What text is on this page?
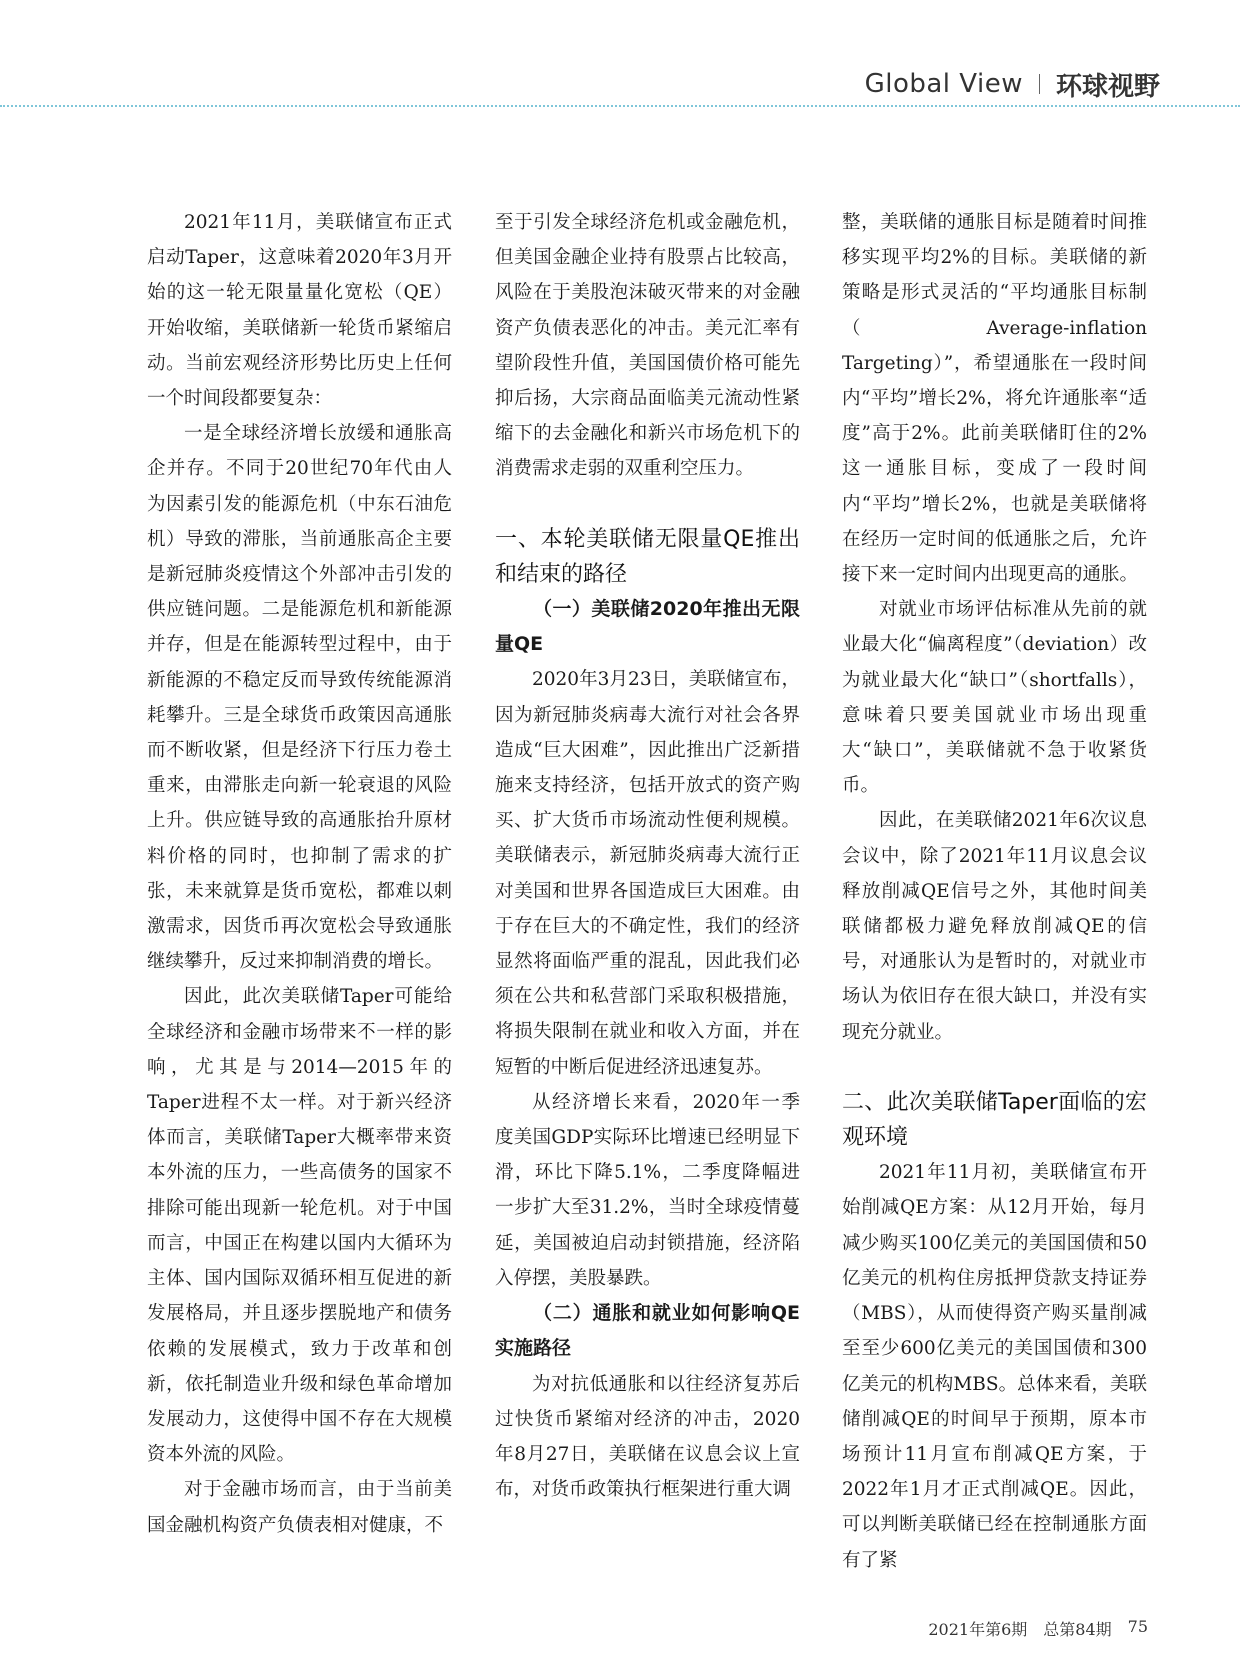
Global View 环球视野

2021年11月，美联储宣布正式启动Taper，这意味着2020年3月开始的这一轮无限量量化宽松（QE）开始收缩，美联储新一轮货币紧缩启动。当前宏观经济形势比历史上任何一个时间段都要复杂：

一是全球经济增长放缓和通胀高企并存。不同于20世纪70年代由人为因素引发的能源危机（中东石油危机）导致的滞胀，当前通胀高企主要是新冠肺炎疫情这个外部冲击引发的供应链问题。二是能源危机和新能源并存，但是在能源转型过程中，由于新能源的不稳定反而导致传统能源消耗攀升。三是全球货币政策因高通胀而不断收紧，但是经济下行压力卷土重来，由滞胀走向新一轮衰退的风险上升。供应链导致的高通胀抬升原材料价格的同时，也抑制了需求的扩张，未来就算是货币宽松，都难以刺激需求，因货币再次宽松会导致通胀继续攀升，反过来抑制消费的增长。

因此，此次美联储Taper可能给全球经济和金融市场带来不一样的影响，尤其是与2014—2015年的Taper进程不太一样。对于新兴经济体而言，美联储Taper大概率带来资本外流的压力，一些高债务的国家不排除可能出现新一轮危机。对于中国而言，中国正在构建以国内大循环为主体、国内国际双循环相互促进的新发展格局，并且逐步摆脱地产和债务依赖的发展模式，致力于改革和创新，依托制造业升级和绿色革命增加发展动力，这使得中国不存在大规模资本外流的风险。

对于金融市场而言，由于当前美国金融机构资产负债表相对健康，不

至于引发全球经济危机或金融危机，但美国金融企业持有股票占比较高，风险在于美股泡沫破灭带来的对金融资产负债表恶化的冲击。美元汇率有望阶段性升值，美国国债价格可能先抑后扬，大宗商品面临美元流动性紧缩下的去金融化和新兴市场危机下的消费需求走弱的双重利空压力。

一、本轮美联储无限量QE推出和结束的路径
（一）美联储2020年推出无限量QE

2020年3月23日，美联储宣布，因为新冠肺炎病毒大流行对社会各界造成“巨大困难”，因此推出广泛新措施来支持经济，包括开放式的资产购买、扩大货币市场流动性便利规模。美联储表示，新冠肺炎病毒大流行正对美国和世界各国造成巨大困难。由于存在巨大的不确定性，我们的经济显然将面临严重的混乱，因此我们必须在公共和私营部门采取积极措施，将损失限制在就业和收入方面，并在短暂的中断后促进经济迅速复苏。

从经济增长来看，2020年一季度美国GDP实际环比增速已经明显下滑，环比下降5.1%，二季度降幅进一步扩大至31.2%，当时全球疫情蔓延，美国被迫启动封锁措施，经济陷入停摆，美股暴跌。

（二）通胀和就业如何影响QE实施路径

为对抗低通胀和以往经济复苏后过快货币紧缩对经济的冲击，2020年8月27日，美联储在议息会议上宣布，对货币政策执行框架进行重大调

整，美联储的通胀目标是随着时间推移实现平均2%的目标。美联储的新策略是形式灵活的“平均通胀目标制（Average-inflation Targeting）”，希望通胀在一段时间内“平均”增长2%，将允许通胀率“适度”高于2%。此前美联储盯住的2%这一通胀目标，变成了一段时间内“平均”增长2%，也就是美联储将在经历一定时间的低通胀之后，允许接下来一定时间内出现更高的通胀。

对就业市场评估标准从先前的就业最大化“偏离程度”（deviation）改为就业最大化“缺口”（shortfalls），意味着只要美国就业市场出现重大“缺口”，美联储就不急于收紧货币。

因此，在美联储2021年6次议息会议中，除了2021年11月议息会议释放削减QE信号之外，其他时间美联储都极力避免释放削减QE的信号，对通胀认为是暂时的，对就业市场认为依旧存在很大缺口，并没有实现充分就业。

二、此次美联储Taper面临的宏观环境

2021年11月初，美联储宣布开始削减QE方案：从12月开始，每月减少购买100亿美元的美国国债和50亿美元的机构住房抵押贷款支持证券（MBS），从而使得资产购买量削减至至少600亿美元的美国国债和300亿美元的机构MBS。总体来看，美联储削减QE的时间早于预期，原本市场预计11月宣布削减QE方案，于2022年1月才正式削减QE。因此，可以判断美联储已经在控制通胀方面有了紧

2021年第6期 总第84期 75
